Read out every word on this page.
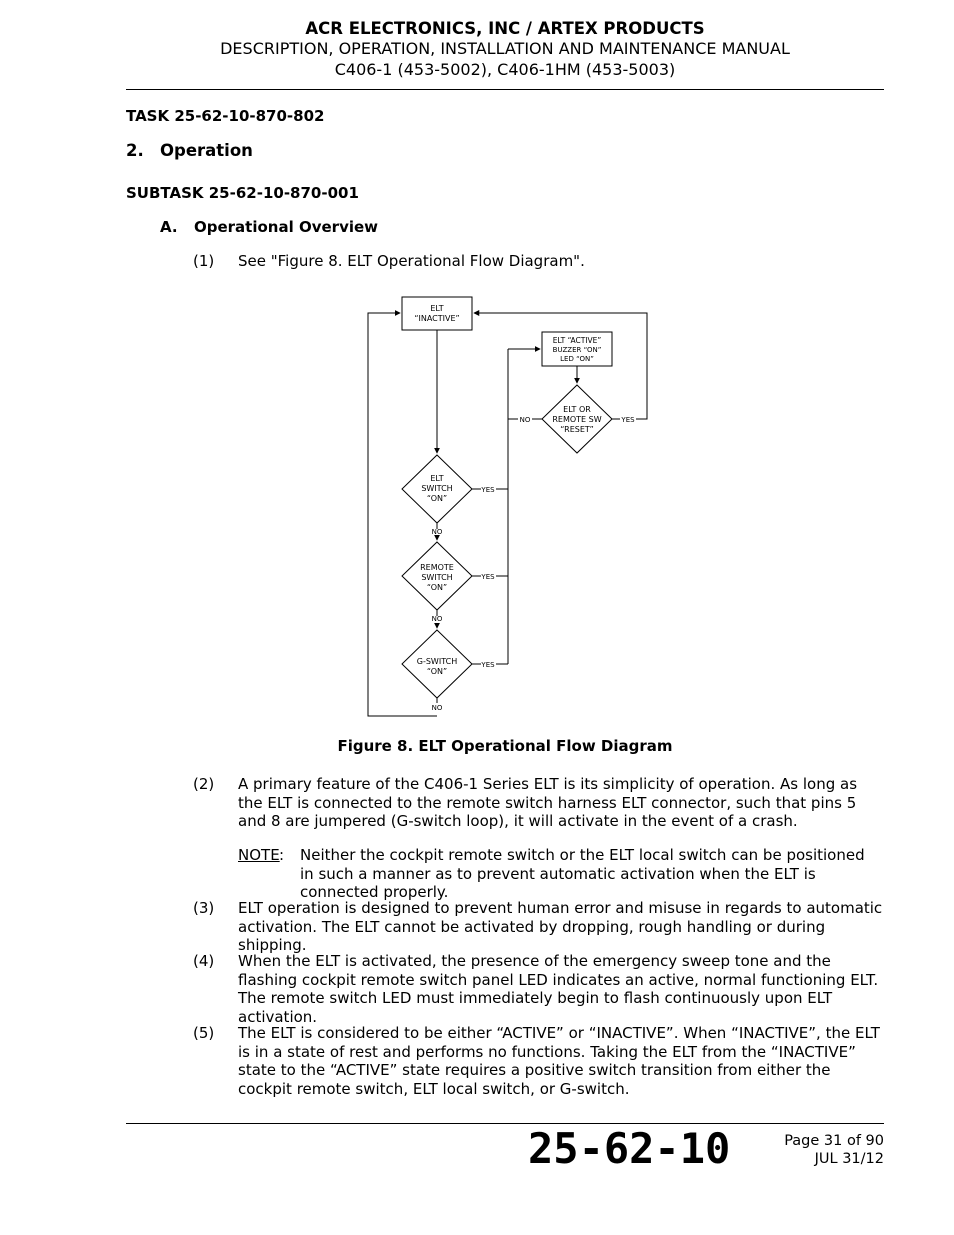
ACR ELECTRONICS, INC / ARTEX PRODUCTS
DESCRIPTION, OPERATION, INSTALLATION AND MAINTENANCE MANUAL
C406-1 (453-5002), C406-1HM (453-5003)
TASK 25-62-10-870-802
2. Operation
SUBTASK 25-62-10-870-001
A. Operational Overview
(1) See "Figure 8. ELT Operational Flow Diagram".
ELT
“INACTIVE”
ELT “ACTIVE”
BUZZER “ON”
LED “ON”
ELT OR
REMOTE SW
“RESET”
ELT
SWITCH
“ON”
REMOTE
SWITCH
“ON”
G-SWITCH
“ON”
YES
YES
YES
YES
NO
NO
NO
NO
Figure 8. ELT Operational Flow Diagram
(2) A primary feature of the C406-1 Series ELT is its simplicity of operation. As long as the ELT is connected to the remote switch harness ELT connector, such that pins 5 and 8 are jumpered (G-switch loop), it will activate in the event of a crash.
NOTE : Neither the cockpit remote switch or the ELT local switch can be positioned in such a manner as to prevent automatic activation when the ELT is connected properly.
(3) ELT operation is designed to prevent human error and misuse in regards to automatic activation. The ELT cannot be activated by dropping, rough handling or during shipping.
(4) When the ELT is activated, the presence of the emergency sweep tone and the flashing cockpit remote switch panel LED indicates an active, normal functioning ELT. The remote switch LED must immediately begin to flash continuously upon ELT activation.
(5) The ELT is considered to be either “ACTIVE” or “INACTIVE”. When “INACTIVE”, the ELT is in a state of rest and performs no functions. Taking the ELT from the “INACTIVE” state to the “ACTIVE” state requires a positive switch transition from either the cockpit remote switch, ELT local switch, or G-switch.
25-62-10	Page 31 of 90
JUL 31/12
